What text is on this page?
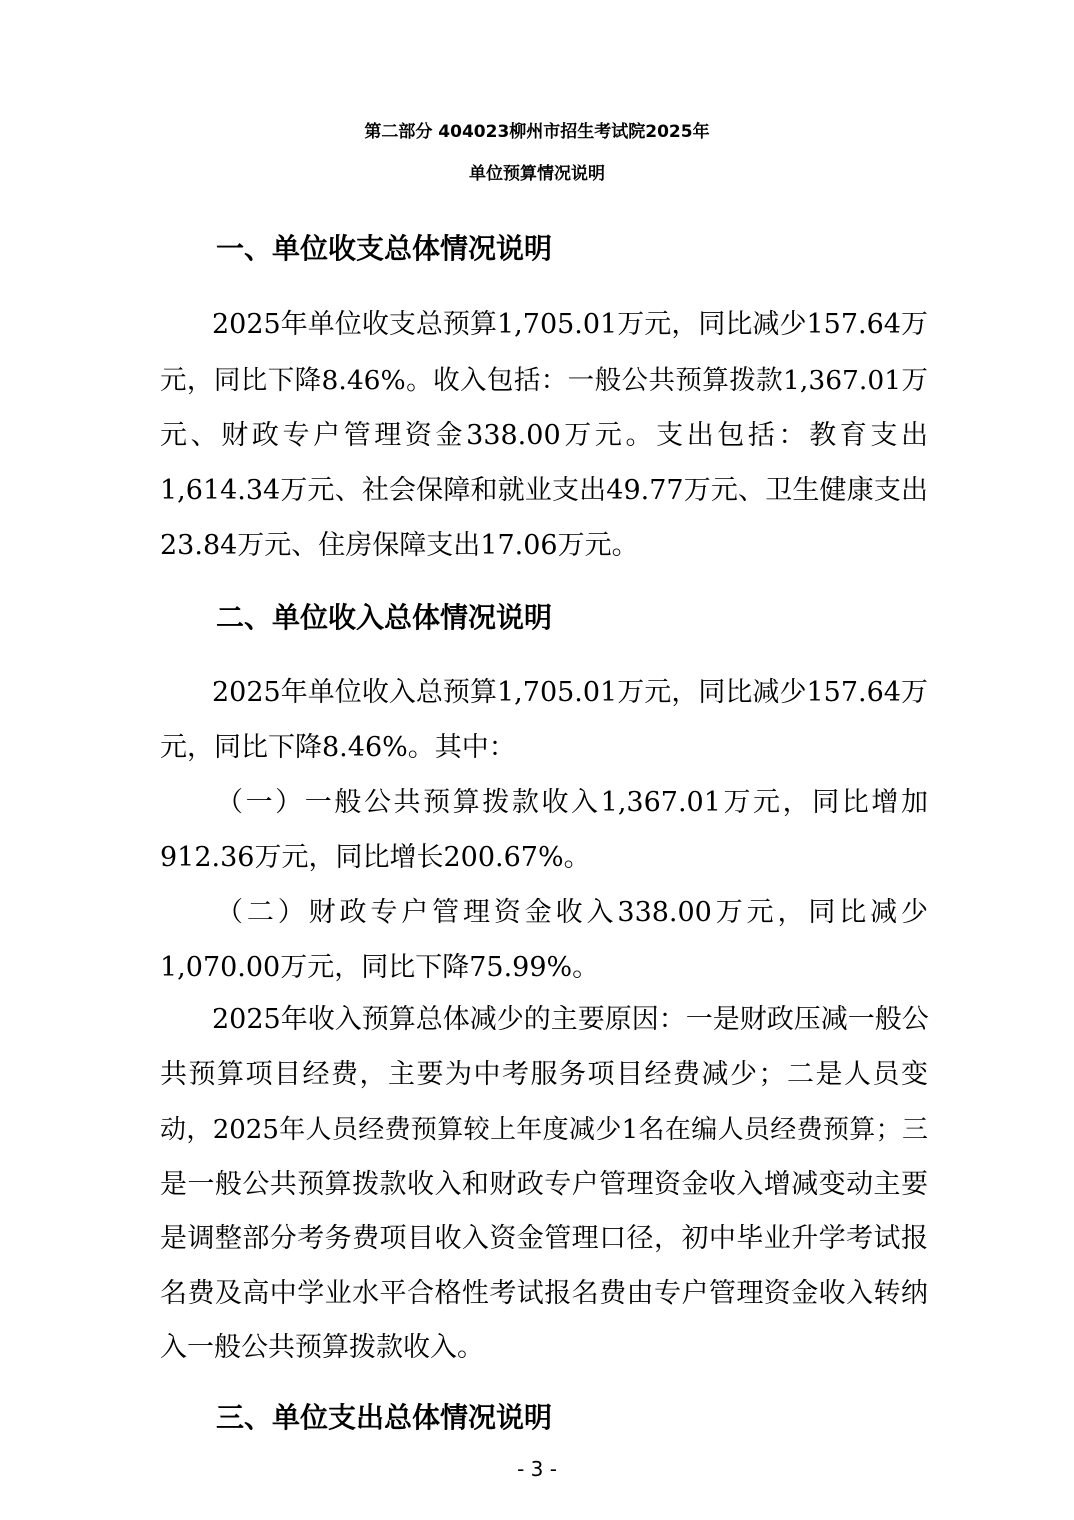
第二部分 404023柳州市招生考试院2025年
单位预算情况说明
一、单位收支总体情况说明
2025年单位收支总预算1,705.01万元，同比减少157.64万
元，同比下降8.46%。收入包括：一般公共预算拨款1,367.01万
元、财政专户管理资金338.00万元。支出包括：教育支出
1,614.34万元、社会保障和就业支出49.77万元、卫生健康支出
23.84万元、住房保障支出17.06万元。
二、单位收入总体情况说明
2025年单位收入总预算1,705.01万元，同比减少157.64万
元，同比下降8.46%。其中：
（一）一般公共预算拨款收入1,367.01万元，同比增加
912.36万元，同比增长200.67%。
（二）财政专户管理资金收入338.00万元，同比减少
1,070.00万元，同比下降75.99%。
2025年收入预算总体减少的主要原因：一是财政压减一般公
共预算项目经费，主要为中考服务项目经费减少；二是人员变
动，2025年人员经费预算较上年度减少1名在编人员经费预算；三
是一般公共预算拨款收入和财政专户管理资金收入增减变动主要
是调整部分考务费项目收入资金管理口径，初中毕业升学考试报
名费及高中学业水平合格性考试报名费由专户管理资金收入转纳
入一般公共预算拨款收入。
三、单位支出总体情况说明
- 3 -
